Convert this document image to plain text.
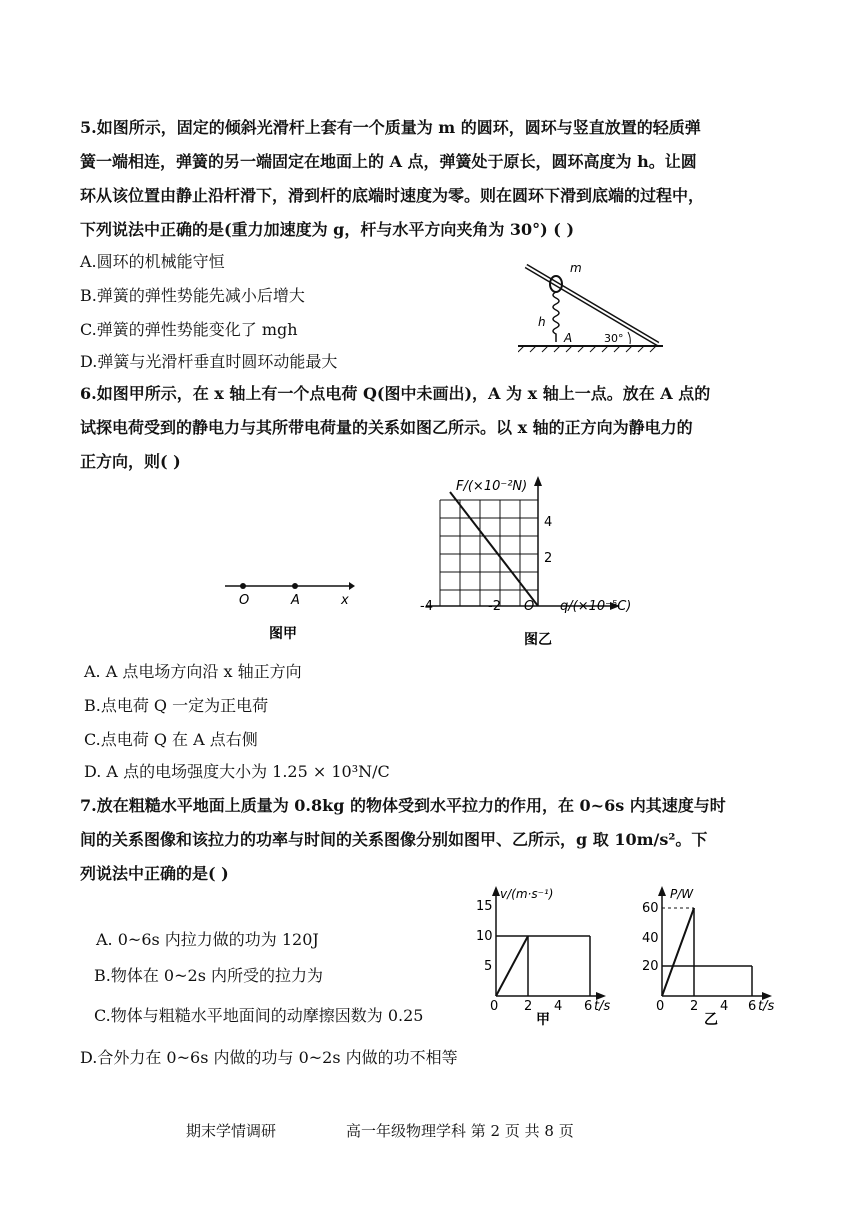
5.如图所示，固定的倾斜光滑杆上套有一个质量为 m 的圆环，圆环与竖直放置的轻质弹
簧一端相连，弹簧的另一端固定在地面上的 A 点，弹簧处于原长，圆环高度为 h。让圆
环从该位置由静止沿杆滑下，滑到杆的底端时速度为零。则在圆环下滑到底端的过程中，
下列说法中正确的是(重力加速度为 g，杆与水平方向夹角为 30°) ( )
A.圆环的机械能守恒
B.弹簧的弹性势能先减小后增大
C.弹簧的弹性势能变化了 mgh
D.弹簧与光滑杆垂直时圆环动能最大
m
h
A	30°
6.如图甲所示，在 x 轴上有一个点电荷 Q(图中未画出)，A 为 x 轴上一点。放在 A 点的
试探电荷受到的静电力与其所带电荷量的关系如图乙所示。以 x 轴的正方向为静电力的
正方向，则( )
O	A	x
图甲
F/(×10⁻²N)
4
2
-4	-2 O q/(×10⁻⁵C)
图乙
A. A 点电场方向沿 x 轴正方向
B.点电荷 Q 一定为正电荷
C.点电荷 Q 在 A 点右侧
D. A 点的电场强度大小为 1.25 × 10³N/C
7.放在粗糙水平地面上质量为 0.8kg 的物体受到水平拉力的作用，在 0~6s 内其速度与时
间的关系图像和该拉力的功率与时间的关系图像分别如图甲、乙所示，g 取 10m/s²。下
列说法中正确的是( )
A. 0~6s 内拉力做的功为 120J
B.物体在 0~2s 内所受的拉力为
C.物体与粗糙水平地面间的动摩擦因数为 0.25
D.合外力在 0~6s 内做的功与 0~2s 内做的功不相等
v/(m·s⁻¹)
15
10
5
0 2 4 6 t/s
甲
P/W
60
40
20
0 2 4 6 t/s
乙
期末学情调研	高一年级物理学科 第 2 页 共 8 页
